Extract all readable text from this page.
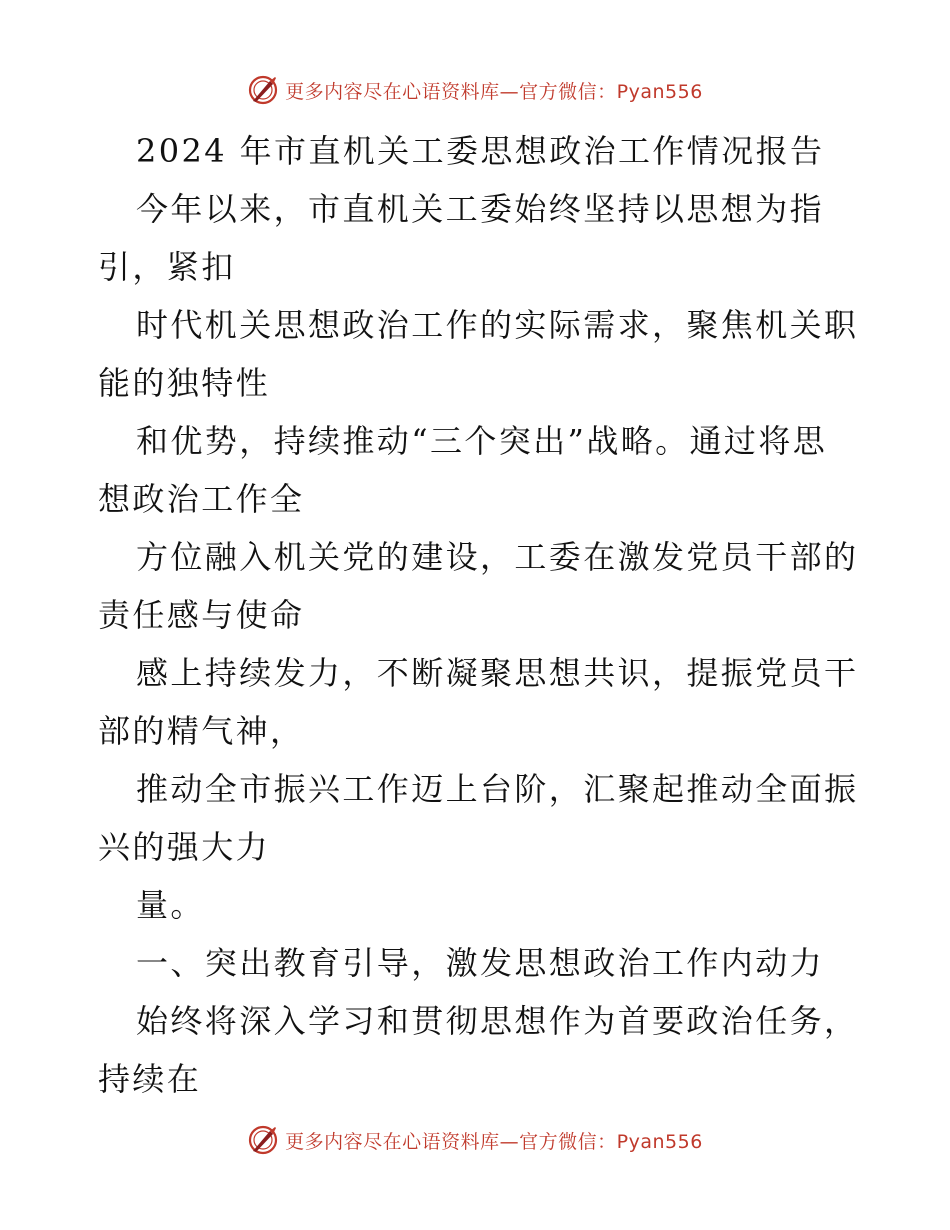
更多内容尽在心语资料库—官方微信：Pyan556
2024 年市直机关工委思想政治工作情况报告
今年以来，市直机关工委始终坚持以思想为指
引，紧扣
时代机关思想政治工作的实际需求，聚焦机关职
能的独特性
和优势，持续推动“三个突出”战略。通过将思
想政治工作全
方位融入机关党的建设，工委在激发党员干部的
责任感与使命
感上持续发力，不断凝聚思想共识，提振党员干
部的精气神，
推动全市振兴工作迈上台阶，汇聚起推动全面振
兴的强大力
量。
一、突出教育引导，激发思想政治工作内动力
始终将深入学习和贯彻思想作为首要政治任务，
持续在
更多内容尽在心语资料库—官方微信：Pyan556
